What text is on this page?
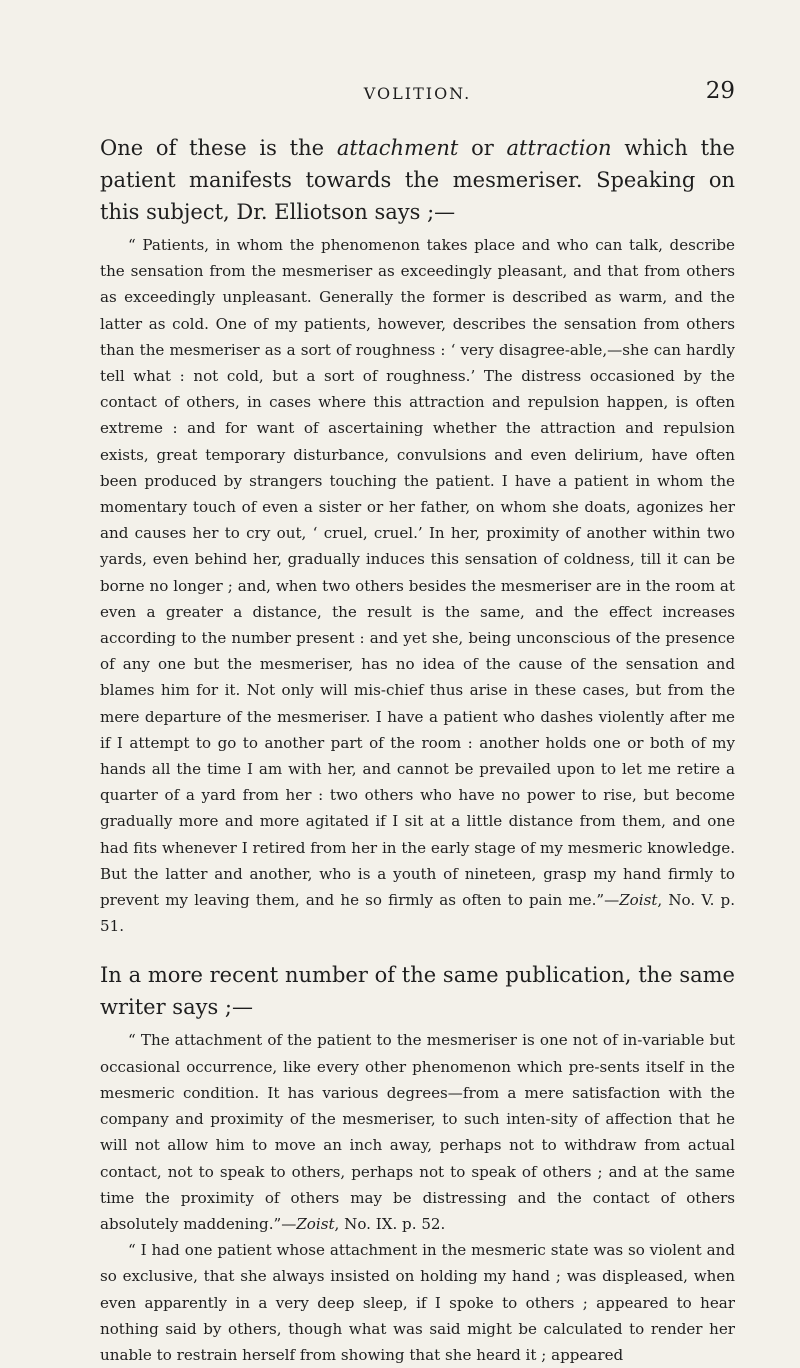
VOLITION.	29

One of these is the attachment or attraction which the patient manifests towards the mesmeriser. Speaking on this subject, Dr. Elliotson says ;—

“ Patients, in whom the phenomenon takes place and who can talk, describe the sensation from the mesmeriser as exceedingly pleasant, and that from others as exceedingly unpleasant. Generally the former is described as warm, and the latter as cold. One of my patients, however, describes the sensation from others than the mesmeriser as a sort of roughness : ‘ very disagree-able,—she can hardly tell what : not cold, but a sort of roughness.’ The distress occasioned by the contact of others, in cases where this attraction and repulsion happen, is often extreme : and for want of ascertaining whether the attraction and repulsion exists, great temporary disturbance, convulsions and even delirium, have often been produced by strangers touching the patient. I have a patient in whom the momentary touch of even a sister or her father, on whom she doats, agonizes her and causes her to cry out, ‘ cruel, cruel.’ In her, proximity of another within two yards, even behind her, gradually induces this sensation of coldness, till it can be borne no longer ; and, when two others besides the mesmeriser are in the room at even a greater a distance, the result is the same, and the effect increases according to the number present : and yet she, being unconscious of the presence of any one but the mesmeriser, has no idea of the cause of the sensation and blames him for it. Not only will mis-chief thus arise in these cases, but from the mere departure of the mesmeriser. I have a patient who dashes violently after me if I attempt to go to another part of the room : another holds one or both of my hands all the time I am with her, and cannot be prevailed upon to let me retire a quarter of a yard from her : two others who have no power to rise, but become gradually more and more agitated if I sit at a little distance from them, and one had fits whenever I retired from her in the early stage of my mesmeric knowledge. But the latter and another, who is a youth of nineteen, grasp my hand firmly to prevent my leaving them, and he so firmly as often to pain me.”—Zoist, No. V. p. 51.

In a more recent number of the same publication, the same writer says ;—

“ The attachment of the patient to the mesmeriser is one not of in-variable but occasional occurrence, like every other phenomenon which pre-sents itself in the mesmeric condition. It has various degrees—from a mere satisfaction with the company and proximity of the mesmeriser, to such inten-sity of affection that he will not allow him to move an inch away, perhaps not to withdraw from actual contact, not to speak to others, perhaps not to speak of others ; and at the same time the proximity of others may be distressing and the contact of others absolutely maddening.”—Zoist, No. IX. p. 52.

“ I had one patient whose attachment in the mesmeric state was so violent and so exclusive, that she always insisted on holding my hand ; was displeased, when even apparently in a very deep sleep, if I spoke to others ; appeared to hear nothing said by others, though what was said might be calculated to render her unable to restrain herself from showing that she heard it ; appeared
